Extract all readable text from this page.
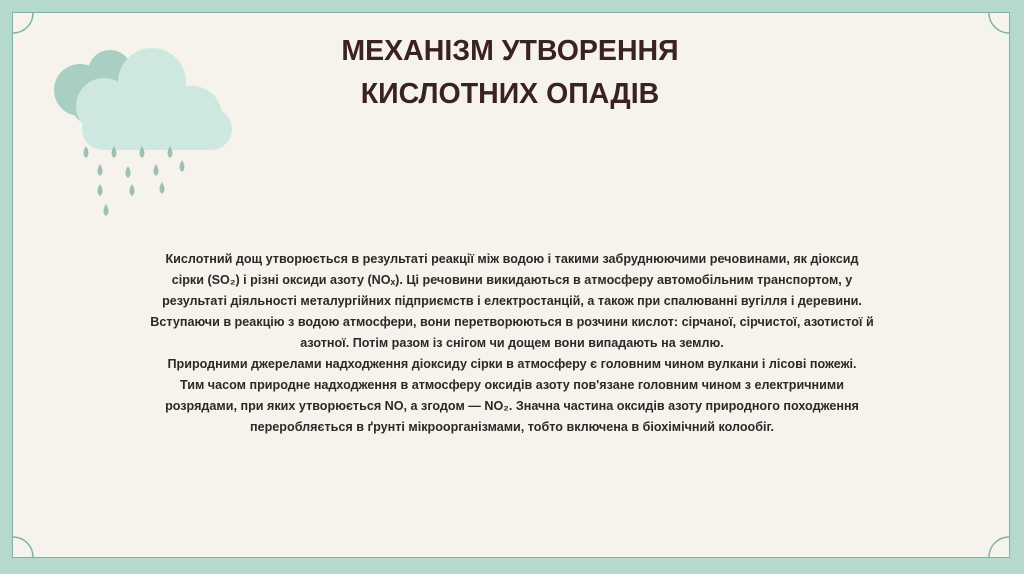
МЕХАНІЗМ УТВОРЕННЯ
КИСЛОТНИХ ОПАДІВ
Кислотний дощ утворюється в результаті реакції між водою і такими забруднюючими речовинами, як діоксид
сірки (SO₂) і різні оксиди азоту (NOₓ). Ці речовини викидаються в атмосферу автомобільним транспортом, у
результаті діяльності металургійних підприємств і електростанцій, а також при спалюванні вугілля і деревини.
Вступаючи в реакцію з водою атмосфери, вони перетворюються в розчини кислот: сірчаної, сірчистої, азотистої й
азотної. Потім разом із снігом чи дощем вони випадають на землю.
Природними джерелами надходження діоксиду сірки в атмосферу є головним чином вулкани і лісові пожежі.
Тим часом природне надходження в атмосферу оксидів азоту пов'язане головним чином з електричними
розрядами, при яких утворюється NO, а згодом — NO₂. Значна частина оксидів азоту природного походження
переробляється в ґрунті мікроорганізмами, тобто включена в біохімічний колообіг.
